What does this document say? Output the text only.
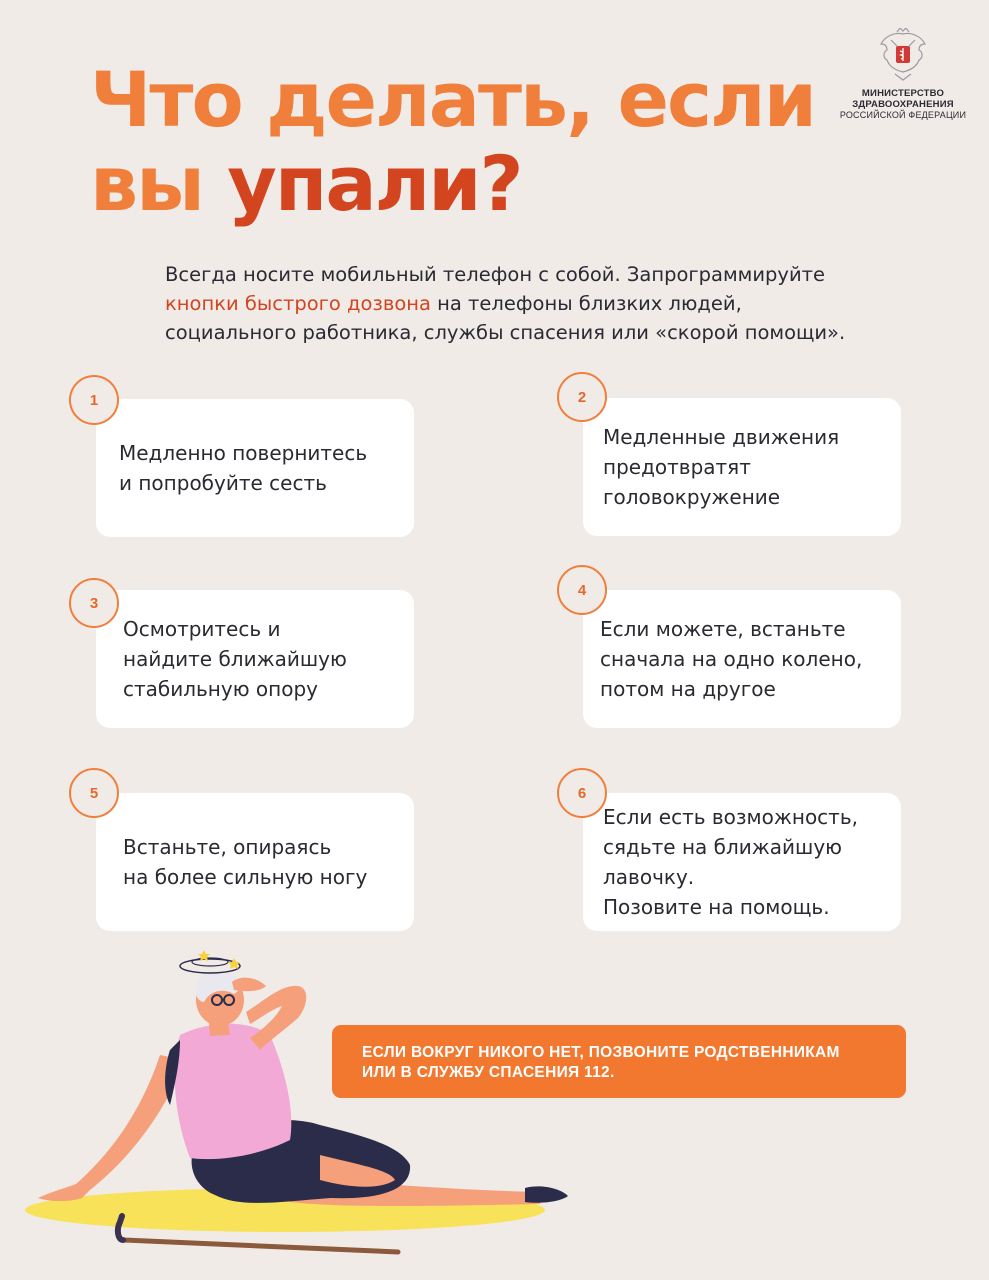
Что делать, если
вы упали?
МИНИСТЕРСТВО
ЗДРАВООХРАНЕНИЯ
РОССИЙСКОЙ ФЕДЕРАЦИИ
Всегда носите мобильный телефон с собой. Запрограммируйте
кнопки быстрого дозвона на телефоны близких людей,
социального работника, службы спасения или «скорой помощи».
Медленно повернитесь
и попробуйте сесть
1
Медленные движения
предотвратят
головокружение
2
Осмотритесь и
найдите ближайшую
стабильную опору
3
Если можете, встаньте
сначала на одно колено,
потом на другое
4
Встаньте, опираясь
на более сильную ногу
5
Если есть возможность,
сядьте на ближайшую
лавочку.
Позовите на помощь.
6
ЕСЛИ ВОКРУГ НИКОГО НЕТ, ПОЗВОНИТЕ РОДСТВЕННИКАМ
ИЛИ В СЛУЖБУ СПАСЕНИЯ 112.
